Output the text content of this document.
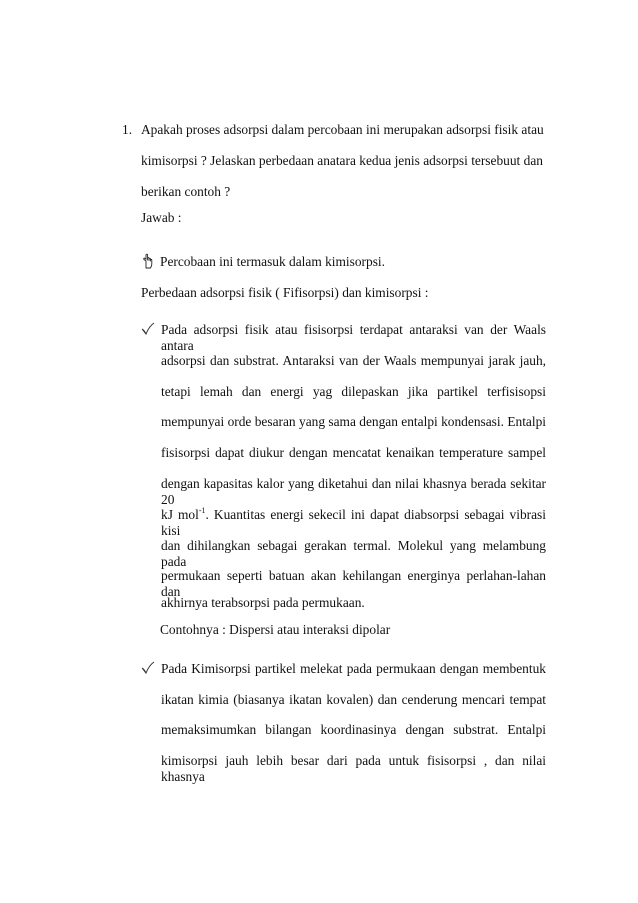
1. Apakah proses adsorpsi dalam percobaan ini merupakan adsorpsi fisik atau
kimisorpsi ? Jelaskan perbedaan anatara kedua jenis adsorpsi tersebuut dan
berikan contoh ?
Jawab :
Percobaan ini termasuk dalam kimisorpsi.
Perbedaan adsorpsi fisik ( Fifisorpsi) dan kimisorpsi :
Pada adsorpsi fisik atau fisisorpsi terdapat antaraksi van der Waals antara
adsorpsi dan substrat. Antaraksi van der Waals mempunyai jarak jauh,
tetapi lemah dan energi yag dilepaskan jika partikel terfisisopsi
mempunyai orde besaran yang sama dengan entalpi kondensasi. Entalpi
fisisorpsi dapat diukur dengan mencatat kenaikan temperature sampel
dengan kapasitas kalor yang diketahui dan nilai khasnya berada sekitar 20
kJ mol$^{-1}$. Kuantitas energi sekecil ini dapat diabsorpsi sebagai vibrasi kisi
dan dihilangkan sebagai gerakan termal. Molekul yang melambung pada
permukaan seperti batuan akan kehilangan energinya perlahan-lahan dan
akhirnya terabsorpsi pada permukaan.
Contohnya : Dispersi atau interaksi dipolar
Pada Kimisorpsi partikel melekat pada permukaan dengan membentuk
ikatan kimia (biasanya ikatan kovalen) dan cenderung mencari tempat
memaksimumkan bilangan koordinasinya dengan substrat. Entalpi
kimisorpsi jauh lebih besar dari pada untuk fisisorpsi , dan nilai khasnya
